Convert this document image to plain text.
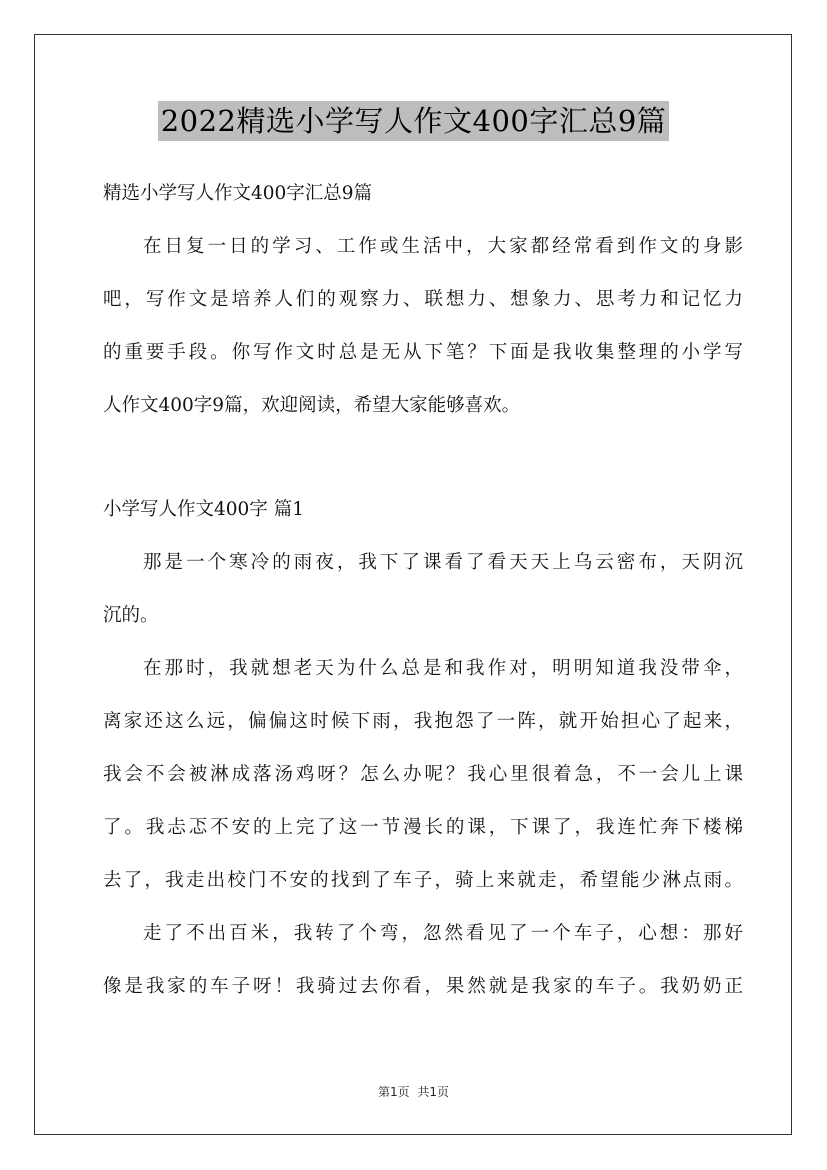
2022精选小学写人作文400字汇总9篇
精选小学写人作文400字汇总9篇
在日复一日的学习、工作或生活中，大家都经常看到作文的身影
吧，写作文是培养人们的观察力、联想力、想象力、思考力和记忆力
的重要手段。你写作文时总是无从下笔？下面是我收集整理的小学写
人作文400字9篇，欢迎阅读，希望大家能够喜欢。
小学写人作文400字 篇1
那是一个寒冷的雨夜，我下了课看了看天天上乌云密布，天阴沉
沉的。
在那时，我就想老天为什么总是和我作对，明明知道我没带伞，
离家还这么远，偏偏这时候下雨，我抱怨了一阵，就开始担心了起来，
我会不会被淋成落汤鸡呀？怎么办呢？我心里很着急，不一会儿上课
了。我忐忑不安的上完了这一节漫长的课，下课了，我连忙奔下楼梯
去了，我走出校门不安的找到了车子，骑上来就走，希望能少淋点雨。
走了不出百米，我转了个弯，忽然看见了一个车子，心想：那好
像是我家的车子呀！我骑过去你看，果然就是我家的车子。我奶奶正
第1页 共1页
